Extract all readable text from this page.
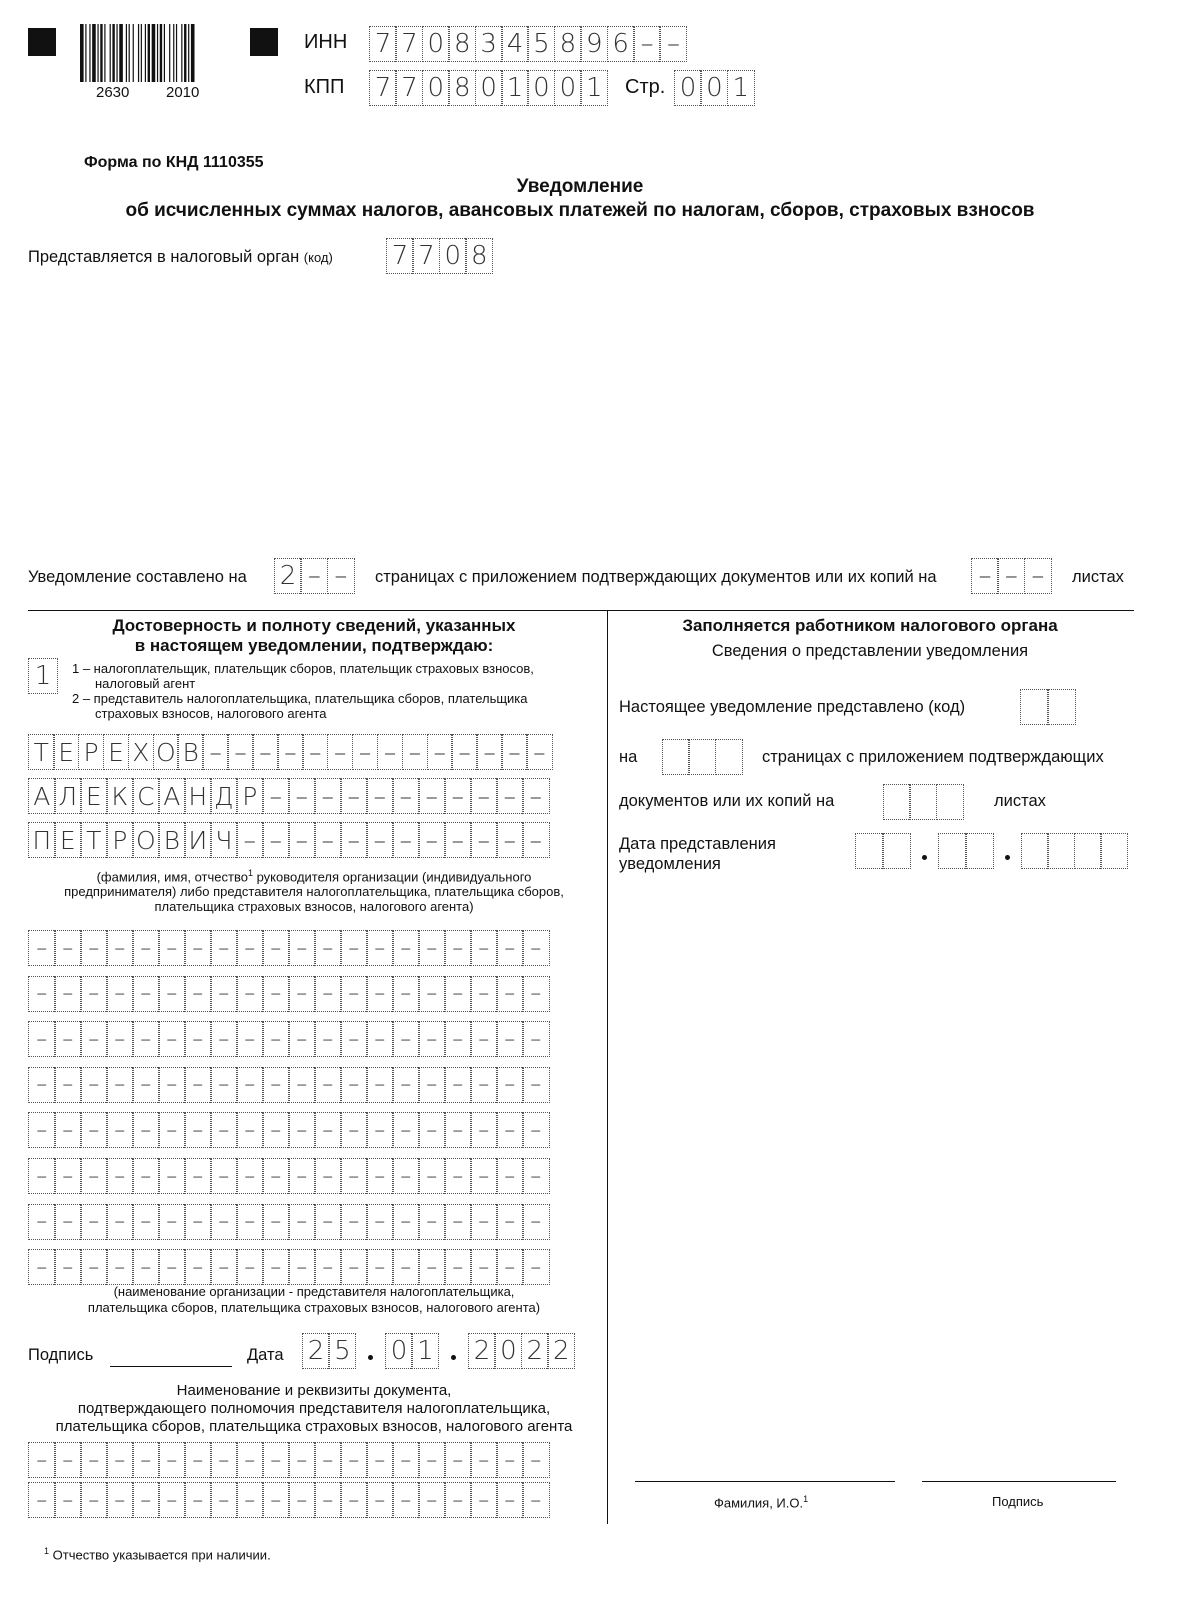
2630 2010
ИНН 7 7 0 8 3 4 5 8 9 6 – –
КПП 7 7 0 8 0 1 0 0 1 Стр. 0 0 1
Форма по КНД 1110355
Уведомление
об исчисленных суммах налогов, авансовых платежей по налогам, сборов, страховых взносов
Представляется в налоговый орган (код) 7 7 0 8
Уведомление составлено на 2 – –	страницах с приложением подтверждающих документов или их копий на – – –	листах
Достоверность и полноту сведений, указанных
в настоящем уведомлении, подтверждаю:
1	1 – налогоплательщик, плательщик сборов, плательщик страховых взносов,
налоговый агент
2 – представитель налогоплательщика, плательщика сборов, плательщика
страховых взносов, налогового агента
Т Е Р Е Х О В – – – – – – – – – – – – – –
А Л Е К С А Н Д Р – – – – – – – – – – –
П Е Т Р О В И Ч – – – – – – – – – – – –
(фамилия, имя, отчество$^1$ руководителя организации (индивидуального
предпринимателя) либо представителя налогоплательщика, плательщика сборов,
плательщика страховых взносов, налогового агента)
– – – – – – – – – – – – – – – – – – – –
– – – – – – – – – – – – – – – – – – – –
– – – – – – – – – – – – – – – – – – – –
– – – – – – – – – – – – – – – – – – – –
– – – – – – – – – – – – – – – – – – – –
– – – – – – – – – – – – – – – – – – – –
– – – – – – – – – – – – – – – – – – – –
– – – – – – – – – – – – – – – – – – – –
(наименование организации - представителя налогоплательщика,
плательщика сборов, плательщика страховых взносов, налогового агента)
Подпись	Дата 2 5 0 1 2 0 2 2
Наименование и реквизиты документа,
подтверждающего полномочия представителя налогоплательщика,
плательщика сборов, плательщика страховых взносов, налогового агента
– – – – – – – – – – – – – – – – – – – –
– – – – – – – – – – – – – – – – – – – –
Заполняется работником налогового органа
Сведения о представлении уведомления
Настоящее уведомление представлено (код)
на	страницах с приложением подтверждающих
документов или их копий на	листах
Дата представления
уведомления
Фамилия, И.О.$^1$	Подпись
$^1$ Отчество указывается при наличии.
